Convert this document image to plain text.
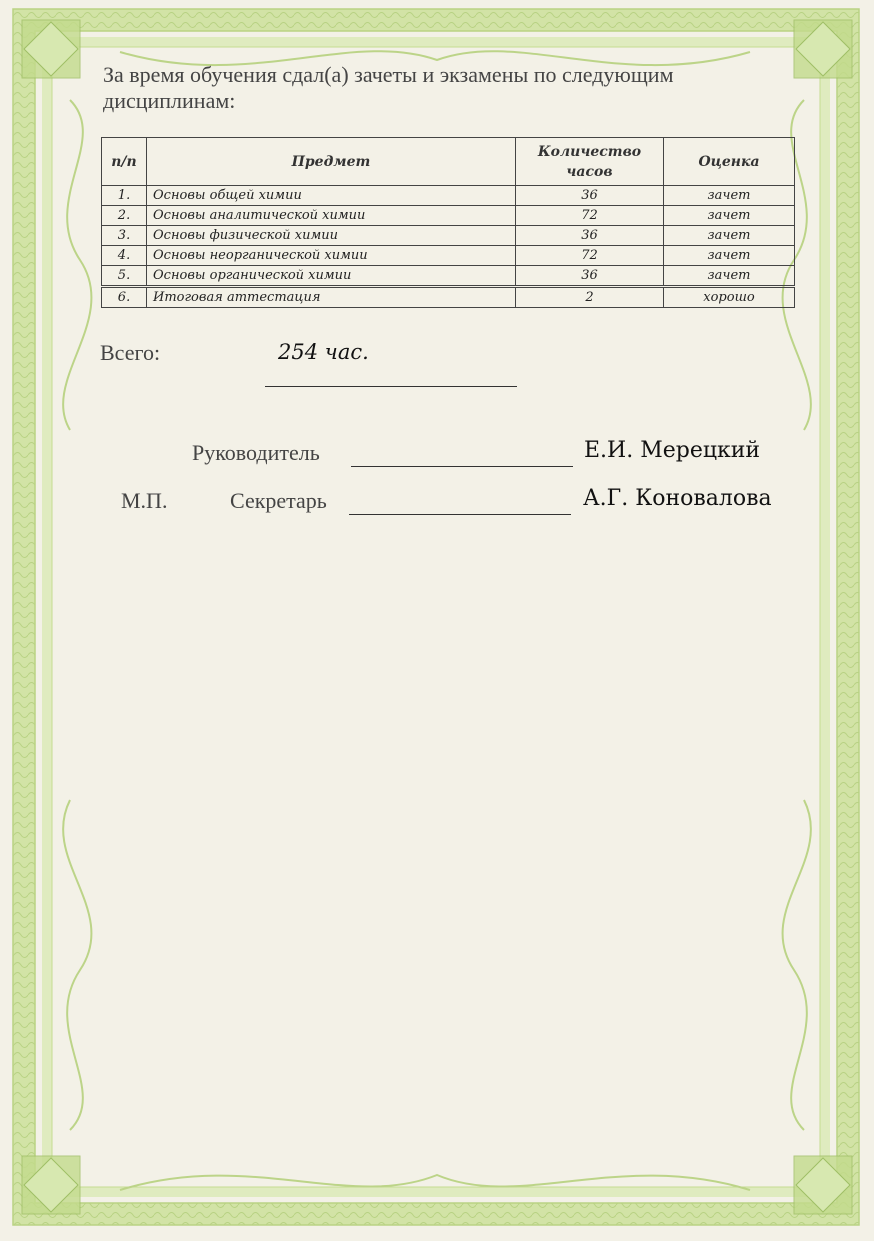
За время обучения сдал(а) зачеты и экзамены по следующим дисциплинам:
п/п	Предмет	Количество часов	Оценка
1.	Основы общей химии	36	зачет
2.	Основы аналитической химии	72	зачет
3.	Основы физической химии	36	зачет
4.	Основы неорганической химии	72	зачет
5.	Основы органической химии	36	зачет
6.	Итоговая аттестация	2	хорошо
Всего:	254 час.
Руководитель	Е.И. Мерецкий
М.П.	Секретарь	А.Г. Коновалова
